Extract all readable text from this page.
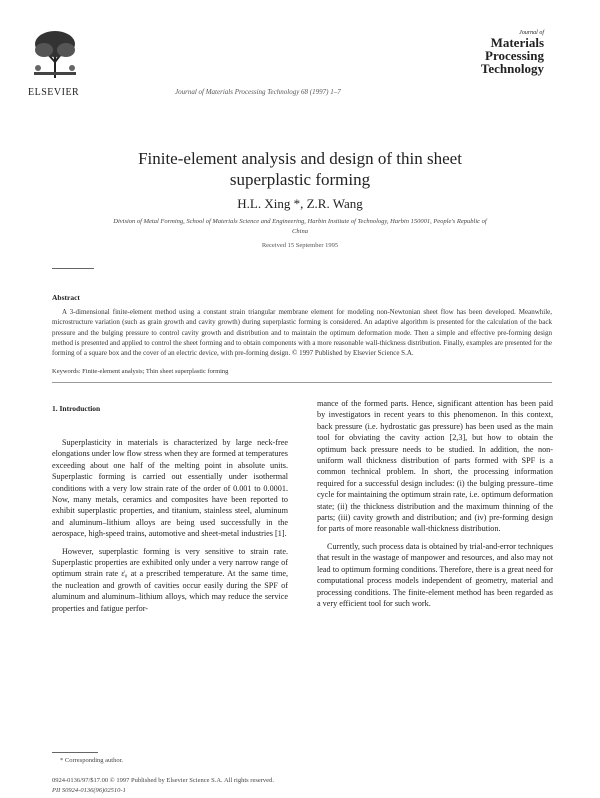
ELSEVIER	Journal of Materials Processing Technology 68 (1997) 1–7
Journal of
Materials
Processing
Technology
Finite-element analysis and design of thin sheet
superplastic forming
H.L. Xing *, Z.R. Wang
Division of Metal Forming, School of Materials Science and Engineering, Harbin Institute of Technology, Harbin 150001, People's Republic of China
Received 15 September 1995
Abstract
A 3-dimensional finite-element method using a constant strain triangular membrane element for modeling non-Newtonian sheet flow has been developed. Meanwhile, microstructure variation (such as grain growth and cavity growth) during superplastic forming is considered. An adaptive algorithm is presented for the calculation of the back pressure and the bulging pressure to control cavity growth and distribution and to maintain the optimum deformation mode. Then a simple and effective pre-forming design method is presented and applied to control the sheet forming and to obtain components with a more reasonable wall-thickness distribution. Finally, examples are presented for the forming of a square box and the cover of an electric device, with pre-forming design. © 1997 Published by Elsevier Science S.A.
Keywords: Finite-element analysis; Thin sheet superplastic forming
1. Introduction

Superplasticity in materials is characterized by large neck-free elongations under low flow stress when they are formed at temperatures exceeding about one half of the melting point in absolute units. Superplastic forming is carried out essentially under isothermal conditions with a very low strain rate of the order of 0.001 to 0.0001. Now, many metals, ceramics and composites have been reported to exhibit superplastic properties, and titanium, stainless steel, aluminum and aluminum–lithium alloys are being used successfully in the aerospace, high-speed trains, automotive and sheet-metal industries [1].

However, superplastic forming is very sensitive to strain rate. Superplastic properties are exhibited only under a very narrow range of optimum strain rate ε̇₀ at a prescribed temperature. At the same time, the nucleation and growth of cavities occur easily during the SPF of aluminum and aluminum–lithium alloys, which may reduce the service properties and fatigue perfor-

mance of the formed parts. Hence, significant attention has been paid by investigators in recent years to this phenomenon. In this context, back pressure (i.e. hydrostatic gas pressure) has been used as the main tool for obviating the cavity action [2,3], but how to obtain the optimum back pressure needs to be studied. In addition, the non-uniform wall thickness distribution of parts formed with SPF is a common technical problem. In short, the processing information required for a successful design includes: (i) the bulging pressure–time cycle for maintaining the optimum strain rate, i.e. optimum deformation state; (ii) the thickness distribution and the maximum thinning of the parts; (iii) cavity growth and distribution; and (iv) pre-forming design for parts of more reasonable wall-thickness distribution.

Currently, such process data is obtained by trial-and-error techniques that result in the wastage of manpower and resources, and also may not lead to optimum forming conditions. Therefore, there is a great need for computational process models independent of geometry, material and processing conditions. The finite-element method has been regarded as a very efficient tool for such work.

* Corresponding author.
0924-0136/97/$17.00 © 1997 Published by Elsevier Science S.A. All rights reserved.
PII S0924-0136(96)02510-1
